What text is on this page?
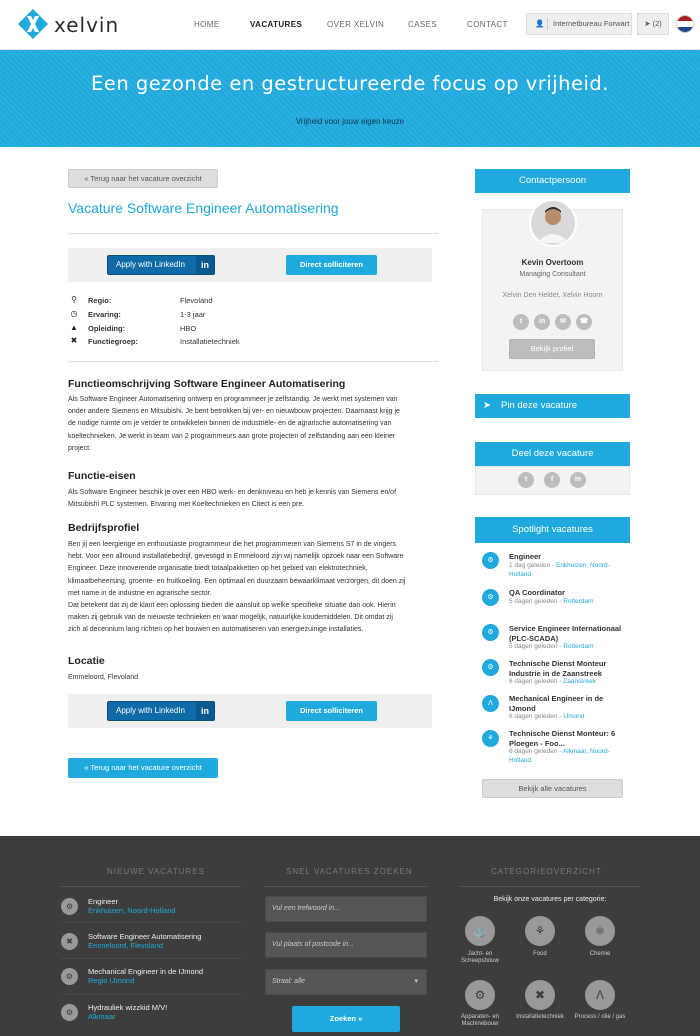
xelvin	HOME	VACATURES	OVER XELVIN	CASES	CONTACT	👤 Internetbureau Forwart	➤ (2)
Een gezonde en gestructureerde focus op vrijheid.

Vrijheid voor jouw eigen keuze

« Terug naar het vacature overzicht
Vacature Software Engineer Automatisering
Apply with LinkedIn	in	Direct solliciteren
⚲	Regio:	Flevoland
◷	Ervaring:	1-3 jaar
▲ Opleiding:	HBO
✖	Functiegroep:	Installatietechniek
Functieomschrijving Software Engineer Automatisering

Als Software Engineer Automatisering ontwerp en programmeer je zelfstandig. Je werkt met systemen van
onder andere Siemens en Mitsubishi. Je bent betrokken bij ver- en nieuwbouw projecten. Daarnaast krijg je
de nodige ruimte om je verder te ontwikkelen binnen de industriële- en de agrarische automatisering van
koeltechnieken. Je werkt in team van 2 programmeurs aan grote projecten of zelfstanding aan een kleiner
project.

Functie-eisen

Als Software Engineer beschik je over een HBO werk- en denkniveau en heb je kennis van Siemens en/of
Mitsubishi PLC systemen. Ervaring met Koeltechnieken en Citect is een pre.

Bedrijfsprofiel

Ben jij een leergierige en enthousiaste programmeur die het programmeren van Siemens S7 in de vingers
hebt. Voor een allround installatiebedrijf, gevestigd in Emmeloord zijn wij namelijk opzoek naar een Software
Engineer. Deze innoverende organisatie biedt totaalpakketten op het gebied van elektrotechniek,
klimaatbeheersing, groente- en fruitkoeling. Een optimaal en duurzaam bewaarklimaat verzorgen, dit doen zij
met name in de industrie en agrarische sector.
Dat betekent dat zij de klant een oplossing bieden die aansluit op welke specifieke situatie dan ook. Hierin
maken zij gebruik van de nieuwste technieken en waar mogelijk, natuurlijke koudemiddelen. Dit omdat zij
zich al decennium lang richten op het bouwen en automatiseren van energiezuinige installaties.

Locatie

Emmeloord, Flevoland

Apply with LinkedIn	in	Direct solliciteren
« Terug naar het vacature overzicht
Contactpersoon
Kevin Overtoom
Managing Consultant
Xelvin Den Helder, Xelvin Hoorn
t	in	✉	☎
Bekijk profiel
➤ Pin deze vacature
Deel deze vacature
t	f	in
Spotlight vacatures
⚙	Engineer
1 dag geleden - Enkhuizen, Noord-Holland
⚙
QA Coordinator
5 dagen geleden - Rotterdam
⚙	Service Engineer Internationaal (PLC-SCADA)
5 dagen geleden - Rotterdam
⚙	Technische Dienst Monteur Industrie in de Zaanstreek
6 dagen geleden - Zaanstreek
Λ
Mechanical Engineer in de IJmond
6 dagen geleden - IJmond
⚘
Technische Dienst Monteur: 6 Ploegen - Foo...
6 dagen geleden - Alkmaar, Noord-Holland
Bekijk alle vacatures
NIEUWE VACATURES	SNEL VACATURES ZOEKEN	CATEGORIEOVERZICHT
⚙
Engineer
Enkhuizen, Noord-Holland
✖
Software Engineer Automatisering
Emmeloord, Flevoland
⚙
Mechanical Engineer in de IJmond
Regio IJmond
⚙
Hydrauliek wizzkid M/V!
Alkmaar
Vul een trefwoord in...
Vul plaats of postcode in...
Straal: alle	▾
Zoeken »
Bekijk onze vacatures per categorie:
⚓
Jacht- en Scheepsbouw
⚘
Food
⚛
Chemie
⚙
Apparaten- en Machinebouw
✖
Installatietechniek
Λ
Process / olie / gas
